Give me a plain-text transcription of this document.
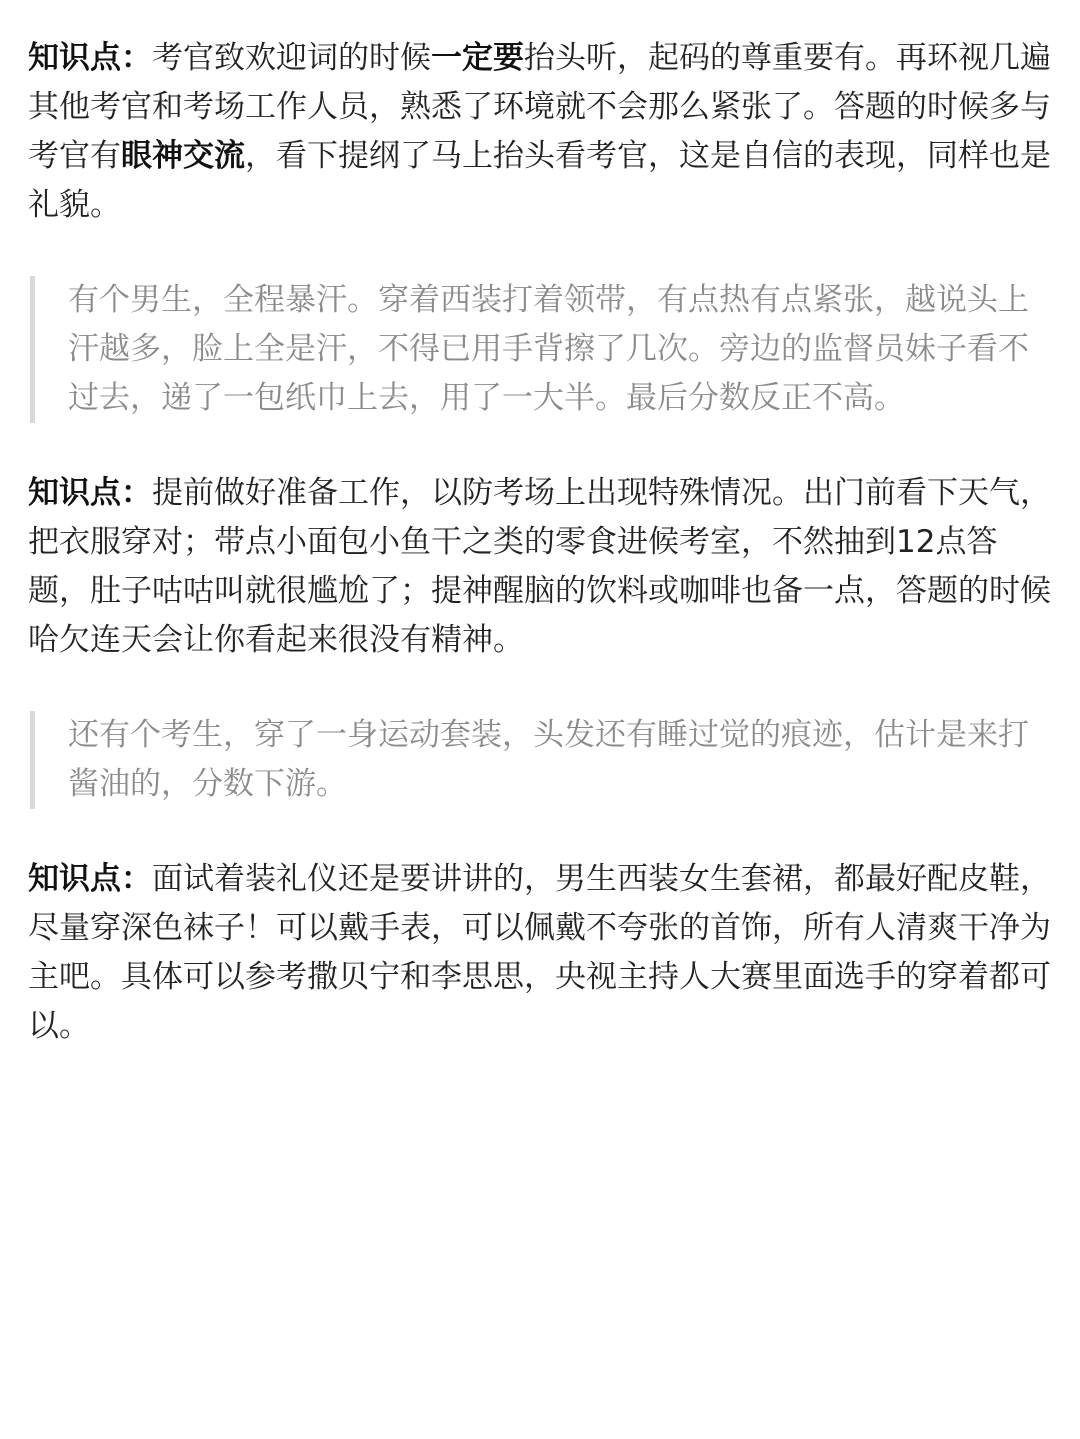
知识点：考官致欢迎词的时候一定要抬头听，起码的尊重要有。再环视几遍其他考官和考场工作人员，熟悉了环境就不会那么紧张了。答题的时候多与考官有眼神交流，看下提纲了马上抬头看考官，这是自信的表现，同样也是礼貌。

有个男生，全程暴汗。穿着西装打着领带，有点热有点紧张，越说头上汗越多，脸上全是汗，不得已用手背擦了几次。旁边的监督员妹子看不过去，递了一包纸巾上去，用了一大半。最后分数反正不高。

知识点：提前做好准备工作，以防考场上出现特殊情况。出门前看下天气，把衣服穿对；带点小面包小鱼干之类的零食进候考室，不然抽到12点答题，肚子咕咕叫就很尴尬了；提神醒脑的饮料或咖啡也备一点，答题的时候哈欠连天会让你看起来很没有精神。

还有个考生，穿了一身运动套装，头发还有睡过觉的痕迹，估计是来打酱油的，分数下游。

知识点：面试着装礼仪还是要讲讲的，男生西装女生套裙，都最好配皮鞋，尽量穿深色袜子！可以戴手表，可以佩戴不夸张的首饰，所有人清爽干净为主吧。具体可以参考撒贝宁和李思思，央视主持人大赛里面选手的穿着都可以。
